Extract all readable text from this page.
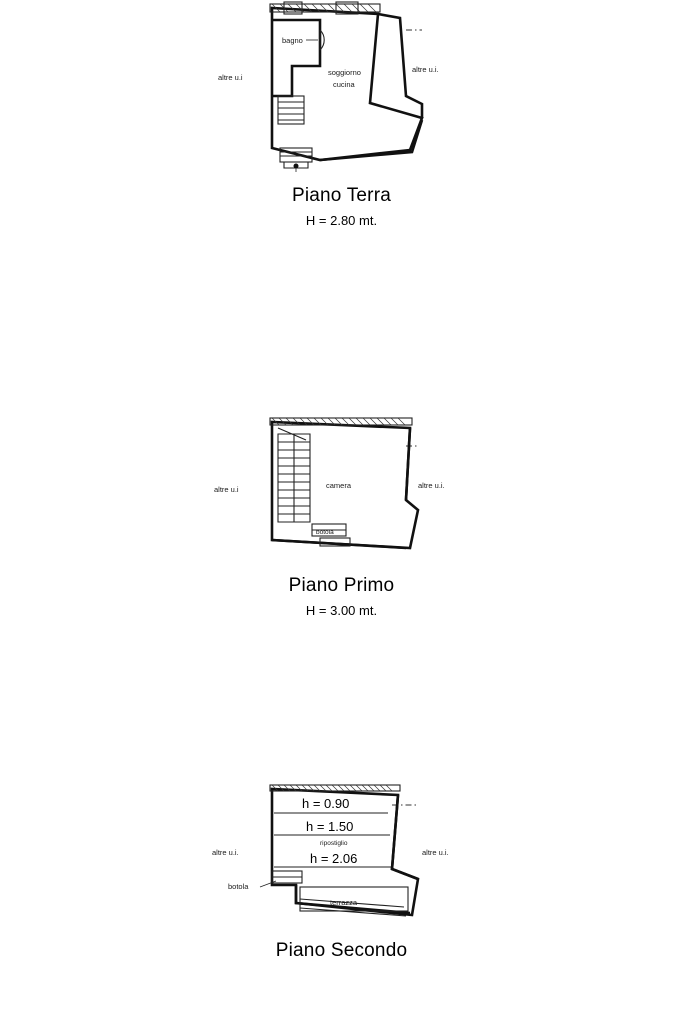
bagno
soggiorno
cucina
altre u.i
altre u.i.
Piano Terra
H = 2.80 mt.
camera
botola
altre u.i	altre u.i.
Piano Primo
H = 3.00 mt.
ripostiglio
terrazza
botola
altre u.i.	altre u.i.
h = 0.90
h = 1.50
h = 2.06
Piano Secondo
